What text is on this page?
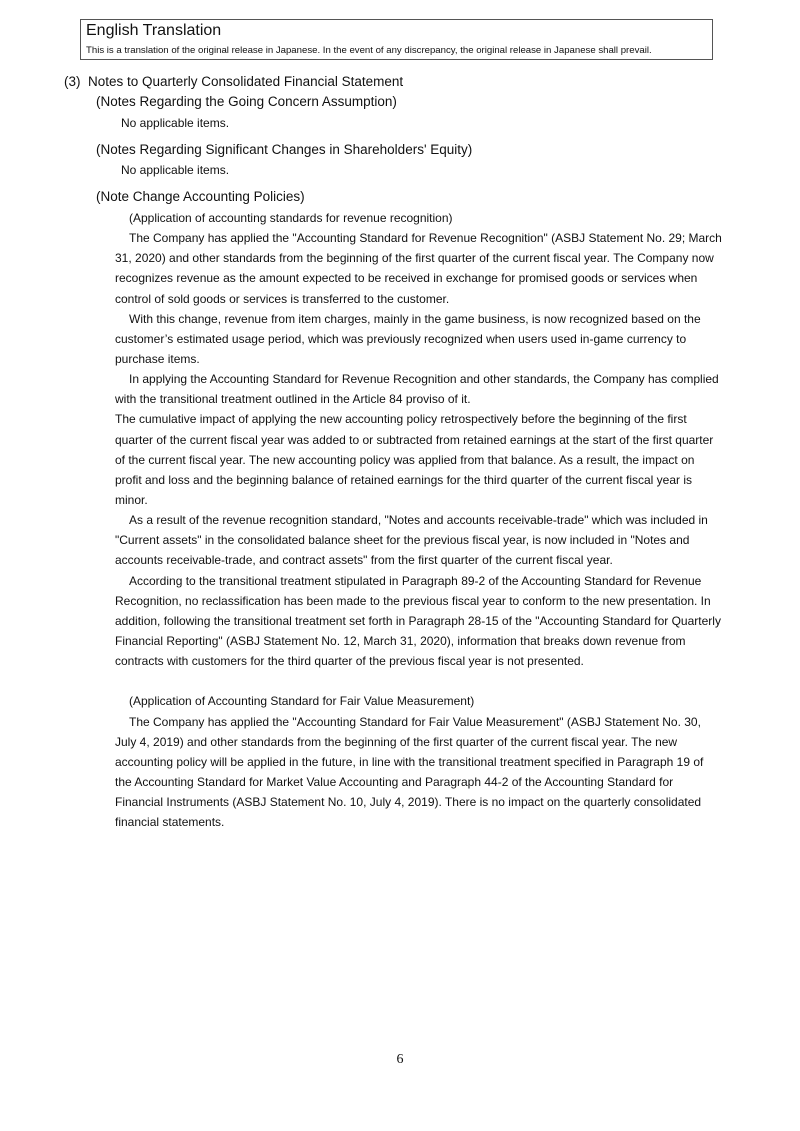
English Translation
This is a translation of the original release in Japanese. In the event of any discrepancy, the original release in Japanese shall prevail.
(3)  Notes to Quarterly Consolidated Financial Statement
(Notes Regarding the Going Concern Assumption)
No applicable items.
(Notes Regarding Significant Changes in Shareholders' Equity)
No applicable items.
(Note Change Accounting Policies)
(Application of accounting standards for revenue recognition)
The Company has applied the "Accounting Standard for Revenue Recognition" (ASBJ Statement No. 29; March
31, 2020) and other standards from the beginning of the first quarter of the current fiscal year. The Company now
recognizes revenue as the amount expected to be received in exchange for promised goods or services when
control of sold goods or services is transferred to the customer.
With this change, revenue from item charges, mainly in the game business, is now recognized based on the
customer’s estimated usage period, which was previously recognized when users used in-game currency to
purchase items.
In applying the Accounting Standard for Revenue Recognition and other standards, the Company has complied
with the transitional treatment outlined in the Article 84 proviso of it.
The cumulative impact of applying the new accounting policy retrospectively before the beginning of the first
quarter of the current fiscal year was added to or subtracted from retained earnings at the start of the first quarter
of the current fiscal year. The new accounting policy was applied from that balance. As a result, the impact on
profit and loss and the beginning balance of retained earnings for the third quarter of the current fiscal year is
minor.
As a result of the revenue recognition standard, "Notes and accounts receivable-trade" which was included in
"Current assets" in the consolidated balance sheet for the previous fiscal year, is now included in "Notes and
accounts receivable-trade, and contract assets" from the first quarter of the current fiscal year.
According to the transitional treatment stipulated in Paragraph 89-2 of the Accounting Standard for Revenue
Recognition, no reclassification has been made to the previous fiscal year to conform to the new presentation. In
addition, following the transitional treatment set forth in Paragraph 28-15 of the "Accounting Standard for Quarterly
Financial Reporting" (ASBJ Statement No. 12, March 31, 2020), information that breaks down revenue from
contracts with customers for the third quarter of the previous fiscal year is not presented.
(Application of Accounting Standard for Fair Value Measurement)
The Company has applied the "Accounting Standard for Fair Value Measurement" (ASBJ Statement No. 30,
July 4, 2019) and other standards from the beginning of the first quarter of the current fiscal year. The new
accounting policy will be applied in the future, in line with the transitional treatment specified in Paragraph 19 of
the Accounting Standard for Market Value Accounting and Paragraph 44-2 of the Accounting Standard for
Financial Instruments (ASBJ Statement No. 10, July 4, 2019). There is no impact on the quarterly consolidated
financial statements.
6
